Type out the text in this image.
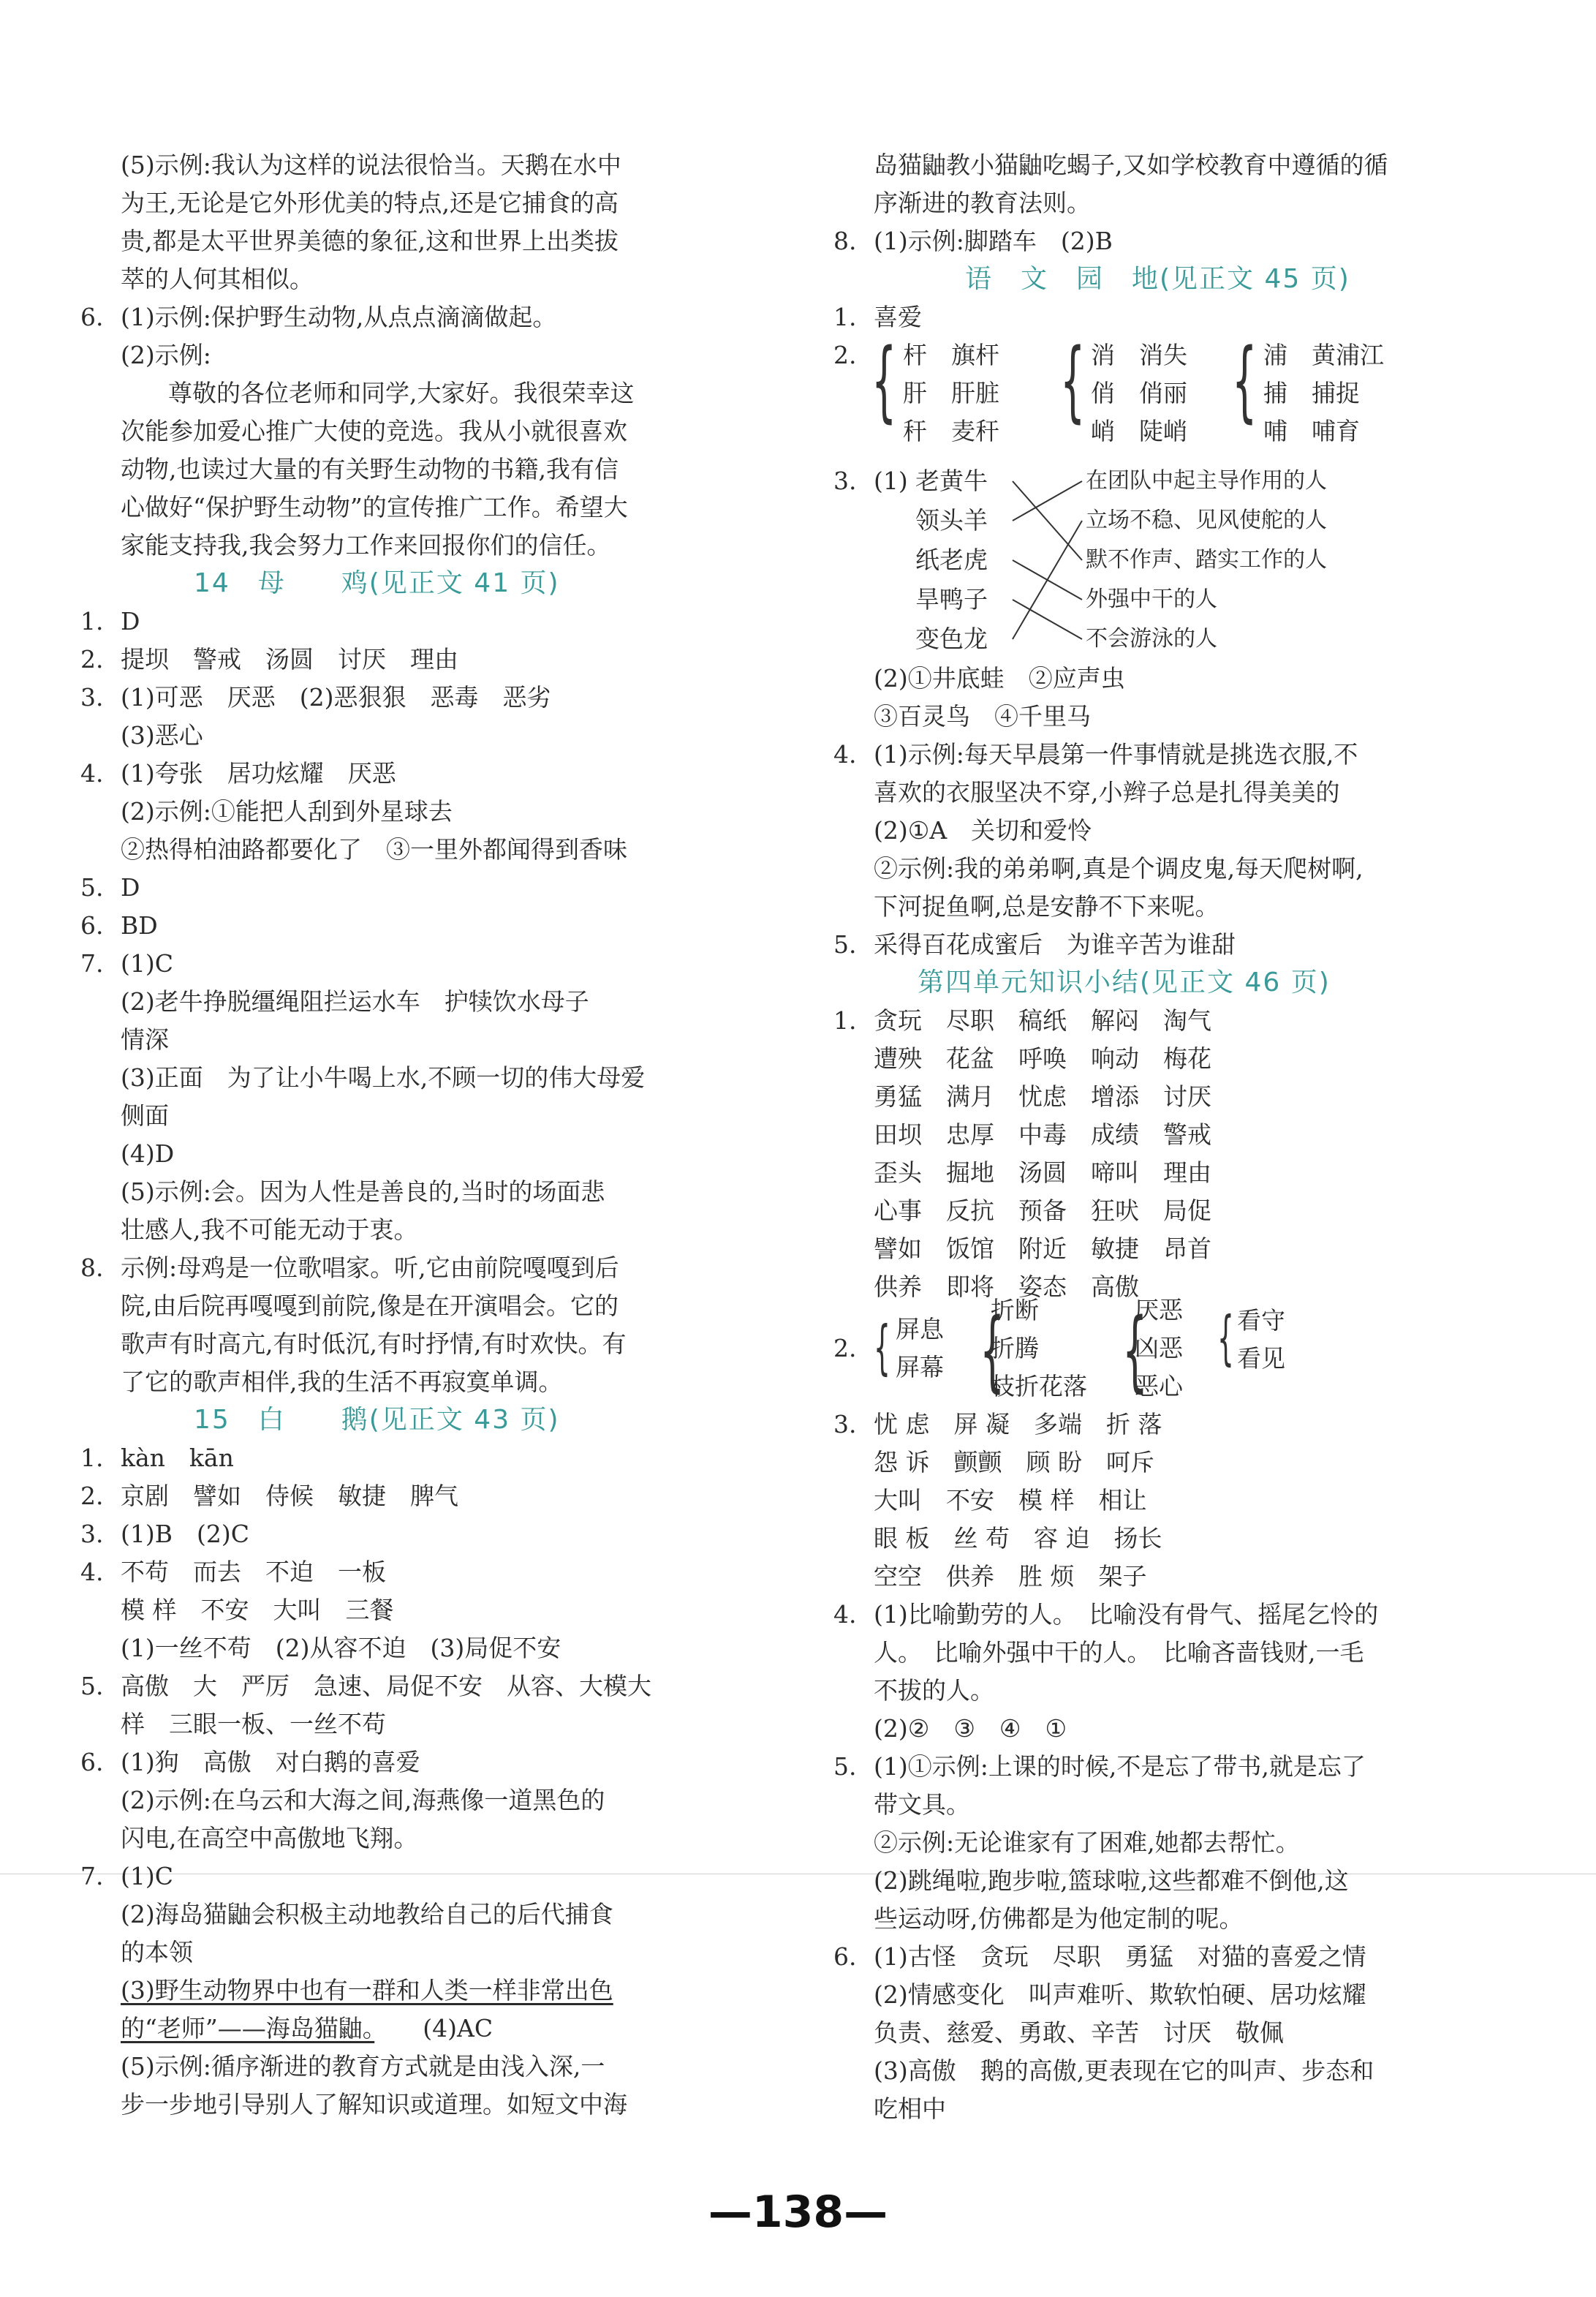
(5)示例:我认为这样的说法很恰当。天鹅在水中
为王,无论是它外形优美的特点,还是它捕食的高
贵,都是太平世界美德的象征,这和世界上出类拔
萃的人何其相似。
6. (1)示例:保护野生动物,从点点滴滴做起。
(2)示例:
尊敬的各位老师和同学,大家好。我很荣幸这
次能参加爱心推广大使的竞选。我从小就很喜欢
动物,也读过大量的有关野生动物的书籍,我有信
心做好“保护野生动物”的宣传推广工作。希望大
家能支持我,我会努力工作来回报你们的信任。
14　母　　鸡(见正文 41 页)
1. D
2. 提坝　警戒　汤圆　讨厌　理由
3. (1)可恶　厌恶　(2)恶狠狠　恶毒　恶劣
(3)恶心
4. (1)夸张　居功炫耀　厌恶
(2)示例:①能把人刮到外星球去
②热得柏油路都要化了　③一里外都闻得到香味
5. D
6. BD
7. (1)C
(2)老牛挣脱缰绳阻拦运水车　护犊饮水母子
情深
(3)正面　为了让小牛喝上水,不顾一切的伟大母爱
侧面
(4)D
(5)示例:会。因为人性是善良的,当时的场面悲
壮感人,我不可能无动于衷。
8. 示例:母鸡是一位歌唱家。听,它由前院嘎嘎到后
院,由后院再嘎嘎到前院,像是在开演唱会。它的
歌声有时高亢,有时低沉,有时抒情,有时欢快。有
了它的歌声相伴,我的生活不再寂寞单调。
15　白　　鹅(见正文 43 页)
1. kàn　kān
2. 京剧　譬如　侍候　敏捷　脾气
3. (1)B　(2)C
4. 不苟　而去　不迫　一板
模 样　不安　大叫　三餐
(1)一丝不苟　(2)从容不迫　(3)局促不安
5. 高傲　大　严厉　急速、局促不安　从容、大模大
样　三眼一板、一丝不苟
6. (1)狗　高傲　对白鹅的喜爱
(2)示例:在乌云和大海之间,海燕像一道黑色的
闪电,在高空中高傲地飞翔。
7. (1)C
(2)海岛猫鼬会积极主动地教给自己的后代捕食
的本领
(3)野生动物界中也有一群和人类一样非常出色
的“老师”——海岛猫鼬。　　 (4)AC
(5)示例:循序渐进的教育方式就是由浅入深,一
步一步地引导别人了解知识或道理。如短文中海
岛猫鼬教小猫鼬吃蝎子,又如学校教育中遵循的循
序渐进的教育法则。
8. (1)示例:脚踏车　(2)B
语　文　园　地(见正文 45 页)
1. 喜爱
2. { 杆　旗杆
肝　肝脏
秆　麦秆 { 消　消失
俏　俏丽
峭　陡峭 { 浦　黄浦江
捕　捕捉
哺　哺育
3. (1) 老黄牛
领头羊
纸老虎
旱鸭子
变色龙
在团队中起主导作用的人
立场不稳、见风使舵的人
默不作声、踏实工作的人
外强中干的人
不会游泳的人
(2)①井底蛙　②应声虫
③百灵鸟　④千里马
4. (1)示例:每天早晨第一件事情就是挑选衣服,不
喜欢的衣服坚决不穿,小辫子总是扎得美美的
(2)①A　关切和爱怜
②示例:我的弟弟啊,真是个调皮鬼,每天爬树啊,
下河捉鱼啊,总是安静不下来呢。
5. 采得百花成蜜后　为谁辛苦为谁甜
第四单元知识小结(见正文 46 页)
1. 贪玩　尽职　稿纸　解闷　淘气
遭殃　花盆　呼唤　响动　梅花
勇猛　满月　忧虑　增添　讨厌
田坝　忠厚　中毒　成绩　警戒
歪头　掘地　汤圆　啼叫　理由
心事　反抗　预备　狂吠　局促
譬如　饭馆　附近　敏捷　昂首
供养　即将　姿态　高傲
2. { 屏息
屏幕 {
折断
折腾
枝折花落 {
厌恶
凶恶
恶心
{ 看守
看见
3. 忧 虑　屏 凝　多端　折 落
怨 诉　颤颤　顾 盼　呵斥
大叫　不安　模 样　相让
眼 板　丝 苟　容 迫　扬长
空空　供养　胜 烦　架子
4. (1)比喻勤劳的人。　比喻没有骨气、摇尾乞怜的
人。　比喻外强中干的人。　比喻吝啬钱财,一毛
不拔的人。
(2)②　③　④　①
5. (1)①示例:上课的时候,不是忘了带书,就是忘了
带文具。
②示例:无论谁家有了困难,她都去帮忙。
(2)跳绳啦,跑步啦,篮球啦,这些都难不倒他,这
些运动呀,仿佛都是为他定制的呢。
6. (1)古怪　贪玩　尽职　勇猛　对猫的喜爱之情
(2)情感变化　叫声难听、欺软怕硬、居功炫耀
负责、慈爱、勇敢、辛苦　讨厌　敬佩
(3)高傲　鹅的高傲,更表现在它的叫声、步态和
吃相中
—138—
